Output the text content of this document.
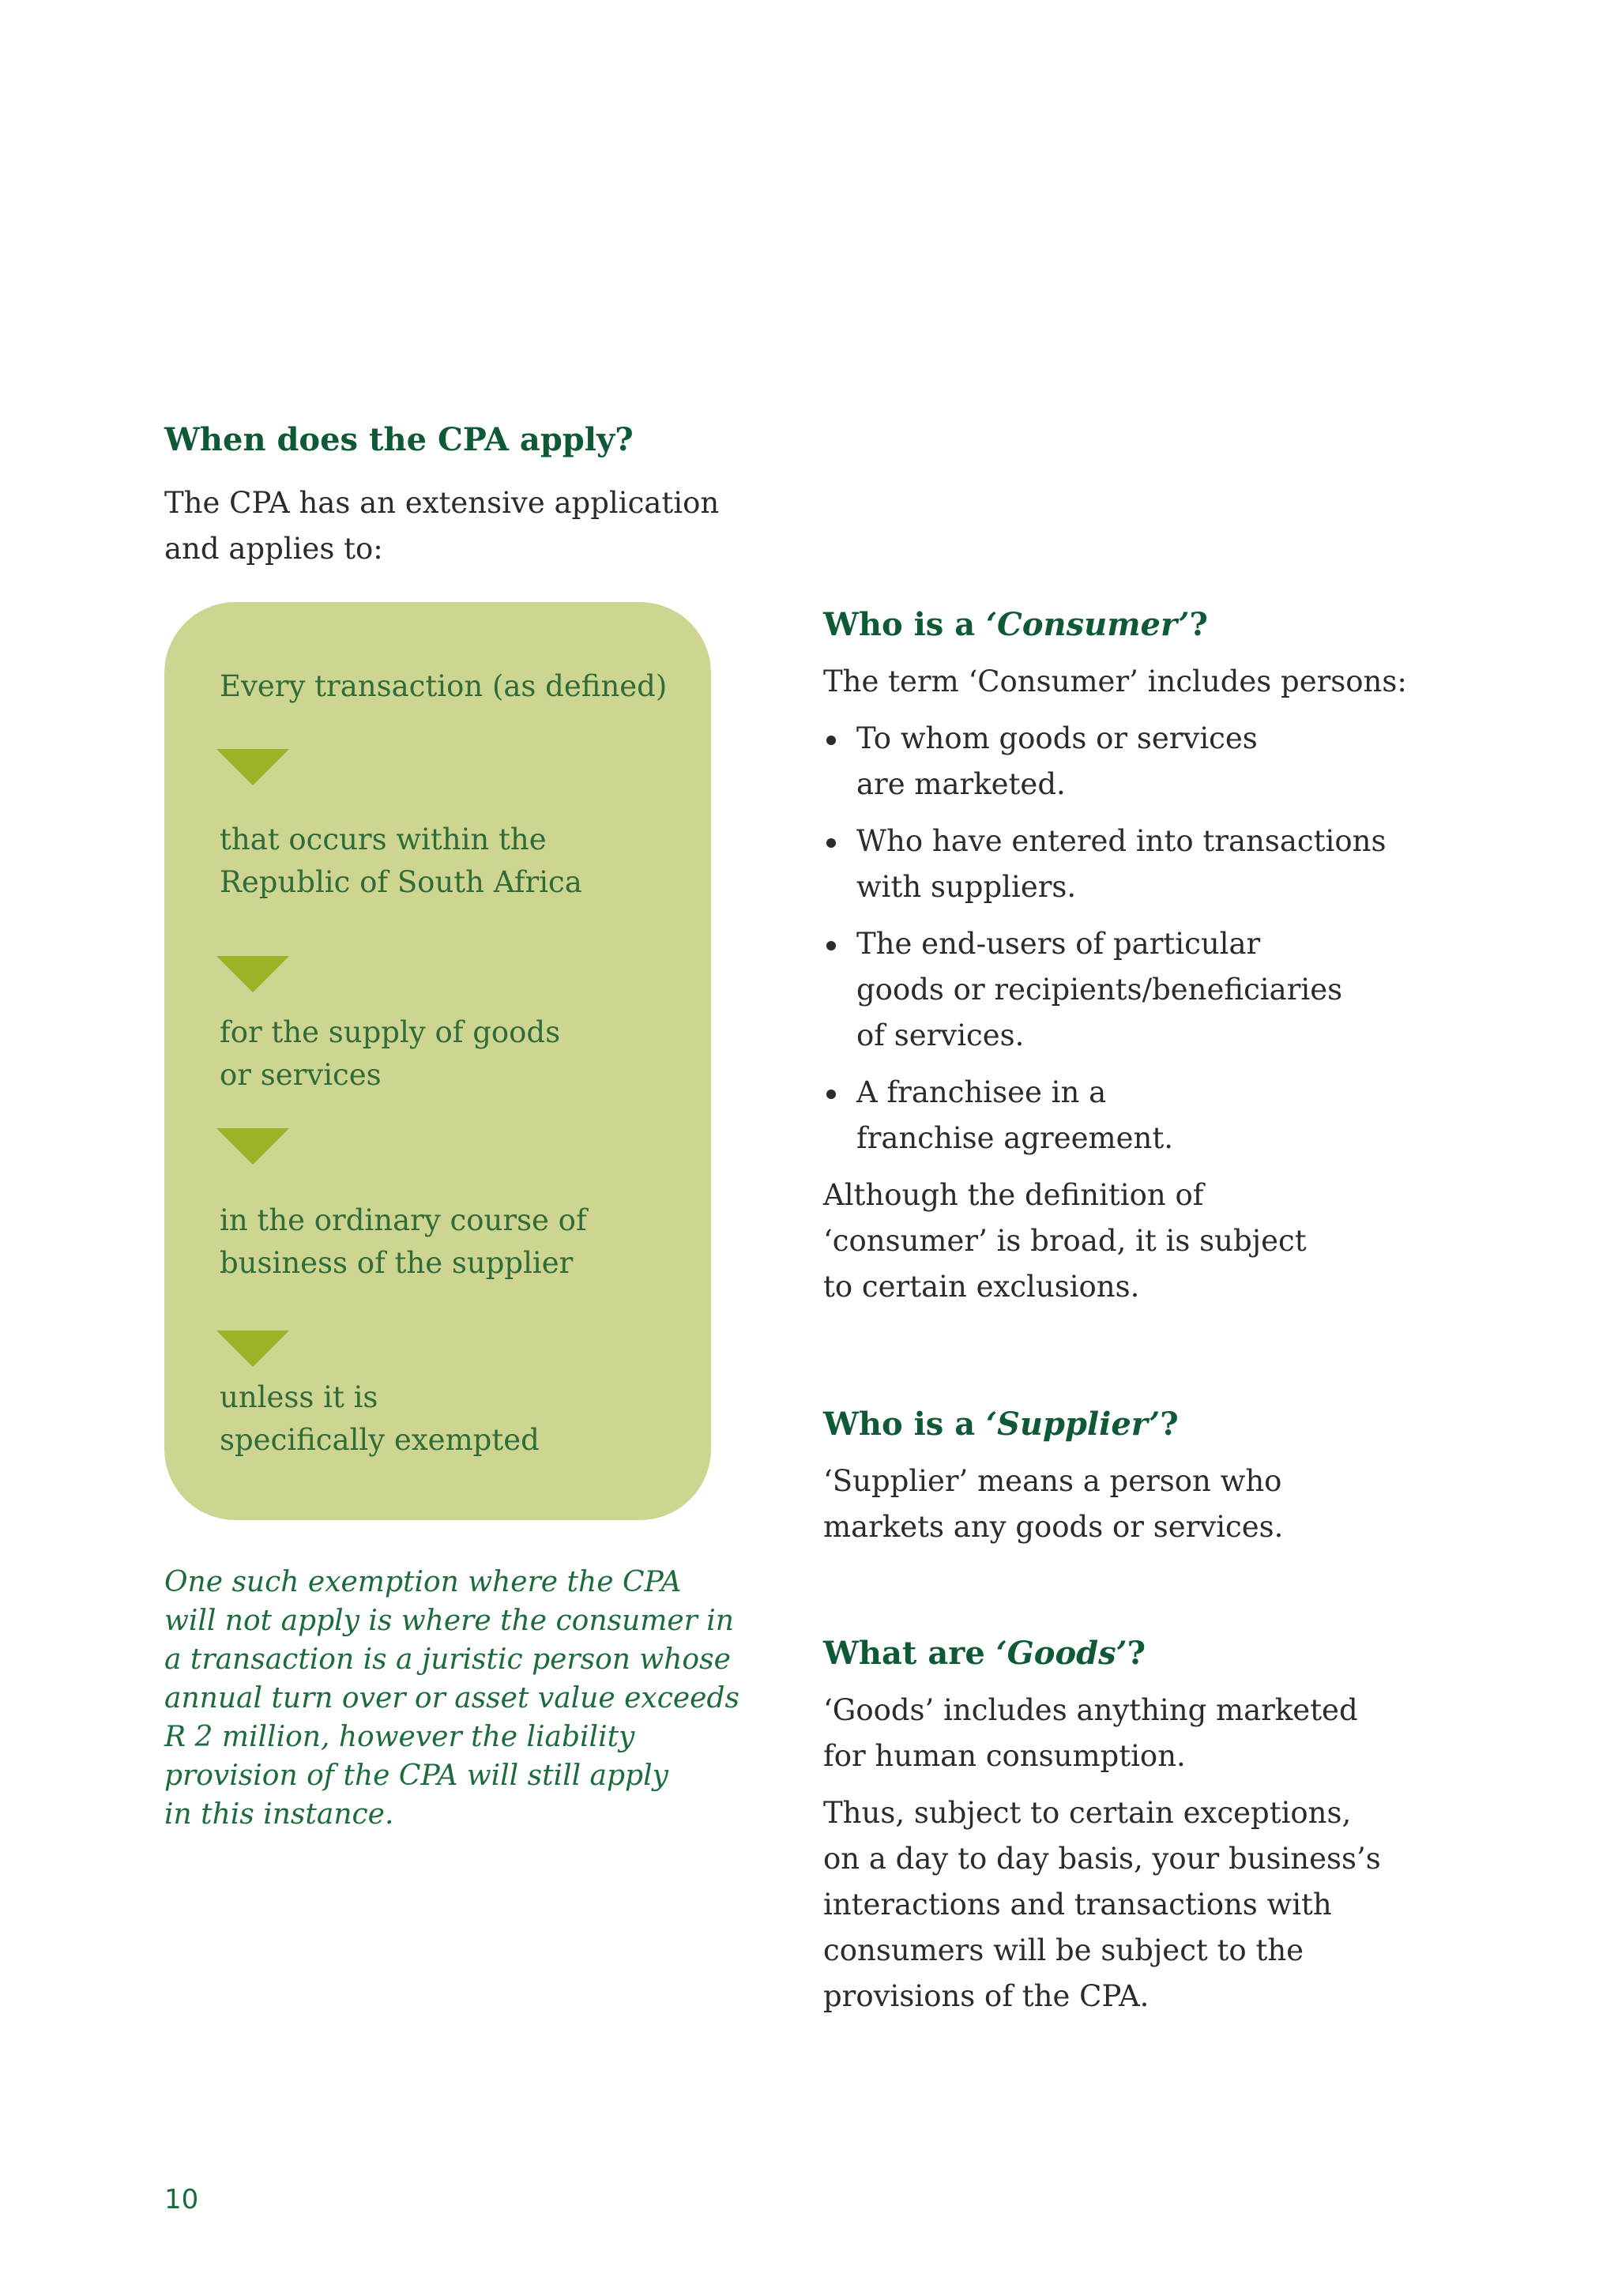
When does the CPA apply?

The CPA has an extensive application
and applies to:

Every transaction (as defined)
that occurs within the
Republic of South Africa
for the supply of goods
or services
in the ordinary course of
business of the supplier
unless it is
specifically exempted
One such exemption where the CPA
will not apply is where the consumer in
a transaction is a juristic person whose
annual turn over or asset value exceeds
R 2 million, however the liability
provision of the CPA will still apply
in this instance.
Who is a ‘Consumer’?

The term ‘Consumer’ includes persons:

To whom goods or services
are marketed.
Who have entered into transactions
with suppliers.
The end-users of particular
goods or recipients/beneficiaries
of services.
A franchisee in a
franchise agreement.

Although the definition of
‘consumer’ is broad, it is subject
to certain exclusions.

Who is a ‘Supplier’?

‘Supplier’ means a person who
markets any goods or services.

What are ‘Goods’?

‘Goods’ includes anything marketed
for human consumption.

Thus, subject to certain exceptions,
on a day to day basis, your business’s
interactions and transactions with
consumers will be subject to the
provisions of the CPA.

10
